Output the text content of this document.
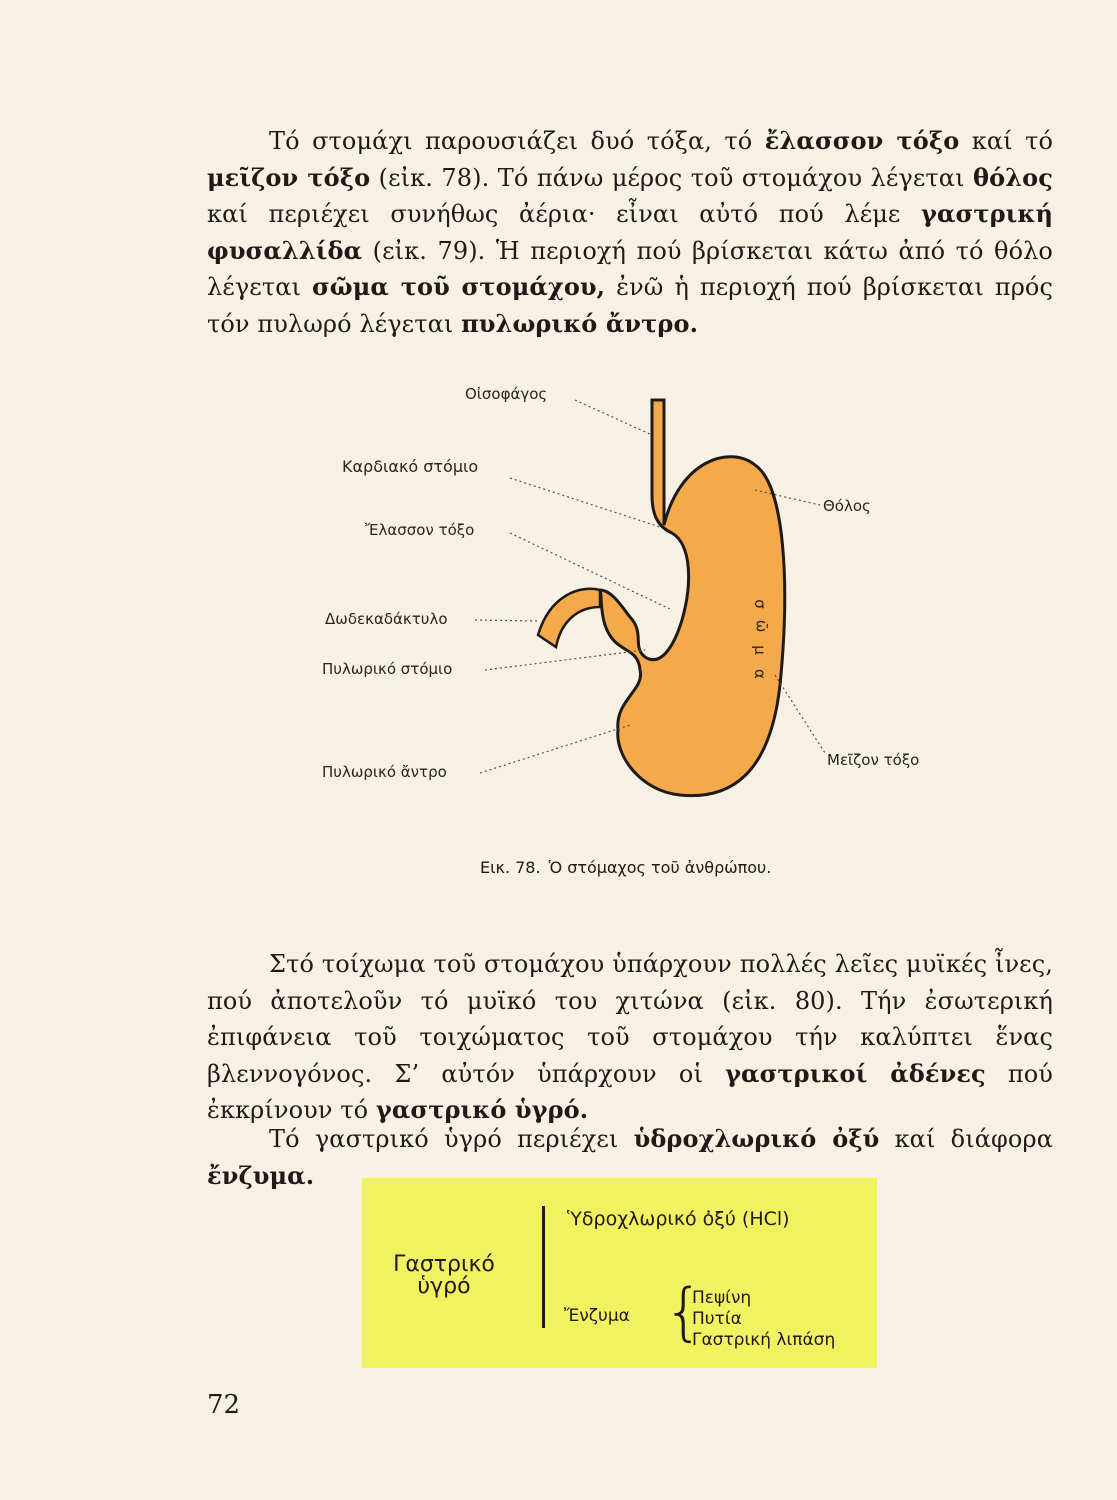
Τό στομάχι παρουσιάζει δυό τόξα, τό ἔλασσον τόξο καί τό μεῖζον τόξο (εἰκ. 78). Τό πάνω μέρος τοῦ στομάχου λέγεται θόλος καί περιέχει συνήθως ἀέρια· εἶναι αὐτό πού λέμε γαστρική φυσαλλίδα (εἰκ. 79). Ἡ περιοχή πού βρίσκεται κάτω ἀπό τό θόλο λέγεται σῶμα τοῦ στομάχου, ἐνῶ ἡ περιοχή πού βρίσκεται πρός τόν πυλωρό λέγεται πυλωρικό ἄντρο.

Οἰσοφάγος
Καρδιακό στόμιο
Ἔλασσον τόξο
Δωδεκαδάκτυλο
Πυλωρικό στόμιο
Πυλωρικό ἄντρο
Θόλος
Μεῖζον τόξο
σ
ῶ
μ
α
Εικ. 78. Ὁ στόμαχος τοῦ ἀνθρώπου.

Στό τοίχωμα τοῦ στομάχου ὑπάρχουν πολλές λεῖες μυϊκές ἶνες, πού ἀποτελοῦν τό μυϊκό του χιτώνα (εἰκ. 80). Τήν ἐσωτερική ἐπιφάνεια τοῦ τοιχώματος τοῦ στομάχου τήν καλύπτει ἕνας βλεννογόνος. Σ’ αὐτόν ὑπάρχουν οἱ γαστρικοί ἀδένες πού ἐκκρίνουν τό γαστρικό ὑγρό.

Τό γαστρικό ὑγρό περιέχει ὑδροχλωρικό ὀξύ καί διάφορα ἔνζυμα.

Γαστρικό
ὑγρό
Ὑδροχλωρικό ὀξύ (HCl)
Ἔνζυμα {
Πεψίνη
Πυτία
Γαστρική λιπάση
72
